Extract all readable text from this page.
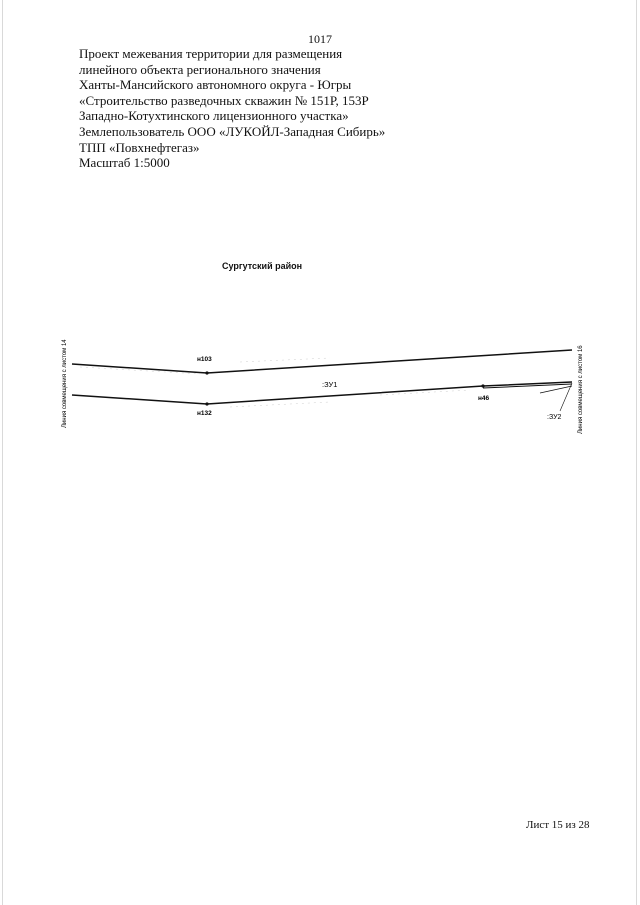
1017
Проект межевания территории для размещения
линейного объекта регионального значения
Ханты-Мансийского автономного округа - Югры
«Строительство разведочных скважин № 151Р, 153Р
Западно-Котухтинского лицензионного участка»
Землепользователь ООО «ЛУКОЙЛ-Западная Сибирь»
ТПП «Повхнефтегаз»
Масштаб 1:5000
Сургутский район
н103
н132
н46
:ЗУ1
:ЗУ2
Линия совмещения с листом 14	Линия совмещения с листом 16
Лист 15 из 28
